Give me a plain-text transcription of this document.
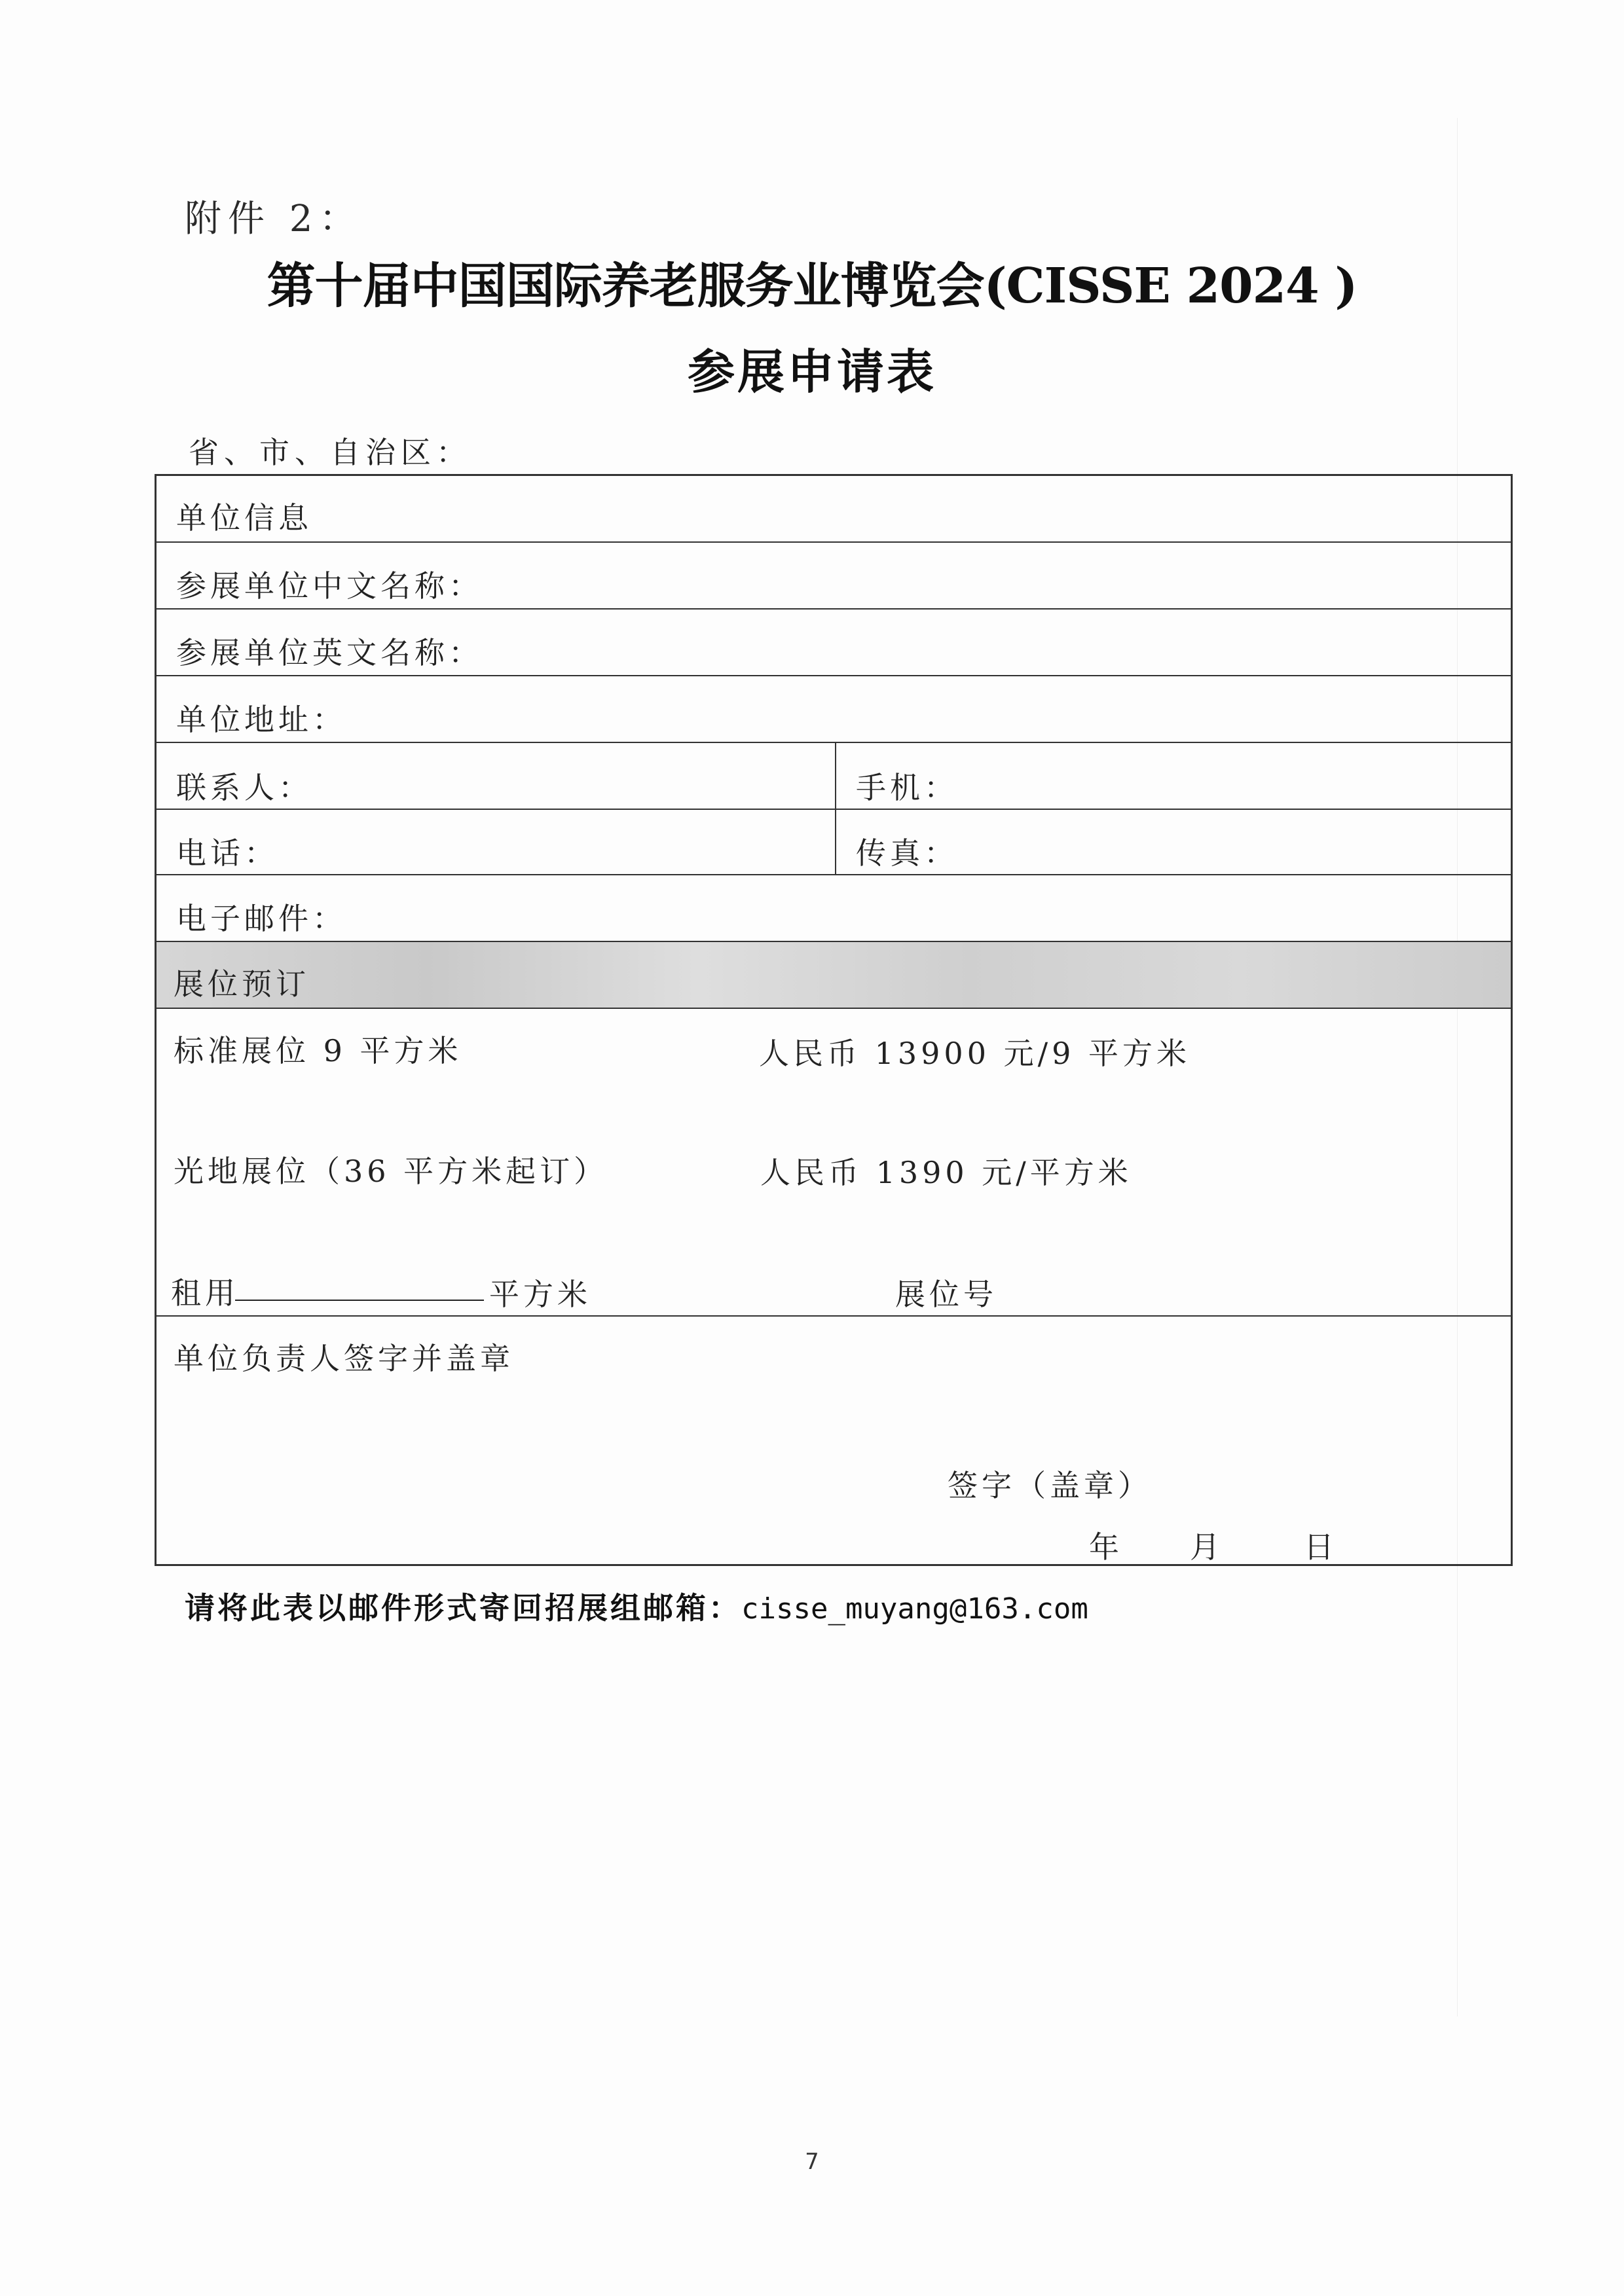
附件 2：
第十届中国国际养老服务业博览会(CISSE 2024 )
参展申请表
省、市、自治区：
单位信息
参展单位中文名称：
参展单位英文名称：
单位地址：
联系人：	手机：
电话：	传真：
电子邮件：
展位预订
标准展位 9 平方米	人民币 13900 元/9 平方米
光地展位（36 平方米起订）	人民币 1390 元/平方米
租用	平方米	展位号
单位负责人签字并盖章
签字（盖章）
年 月	日
请将此表以邮件形式寄回招展组邮箱：cisse_muyang@163.com
7
